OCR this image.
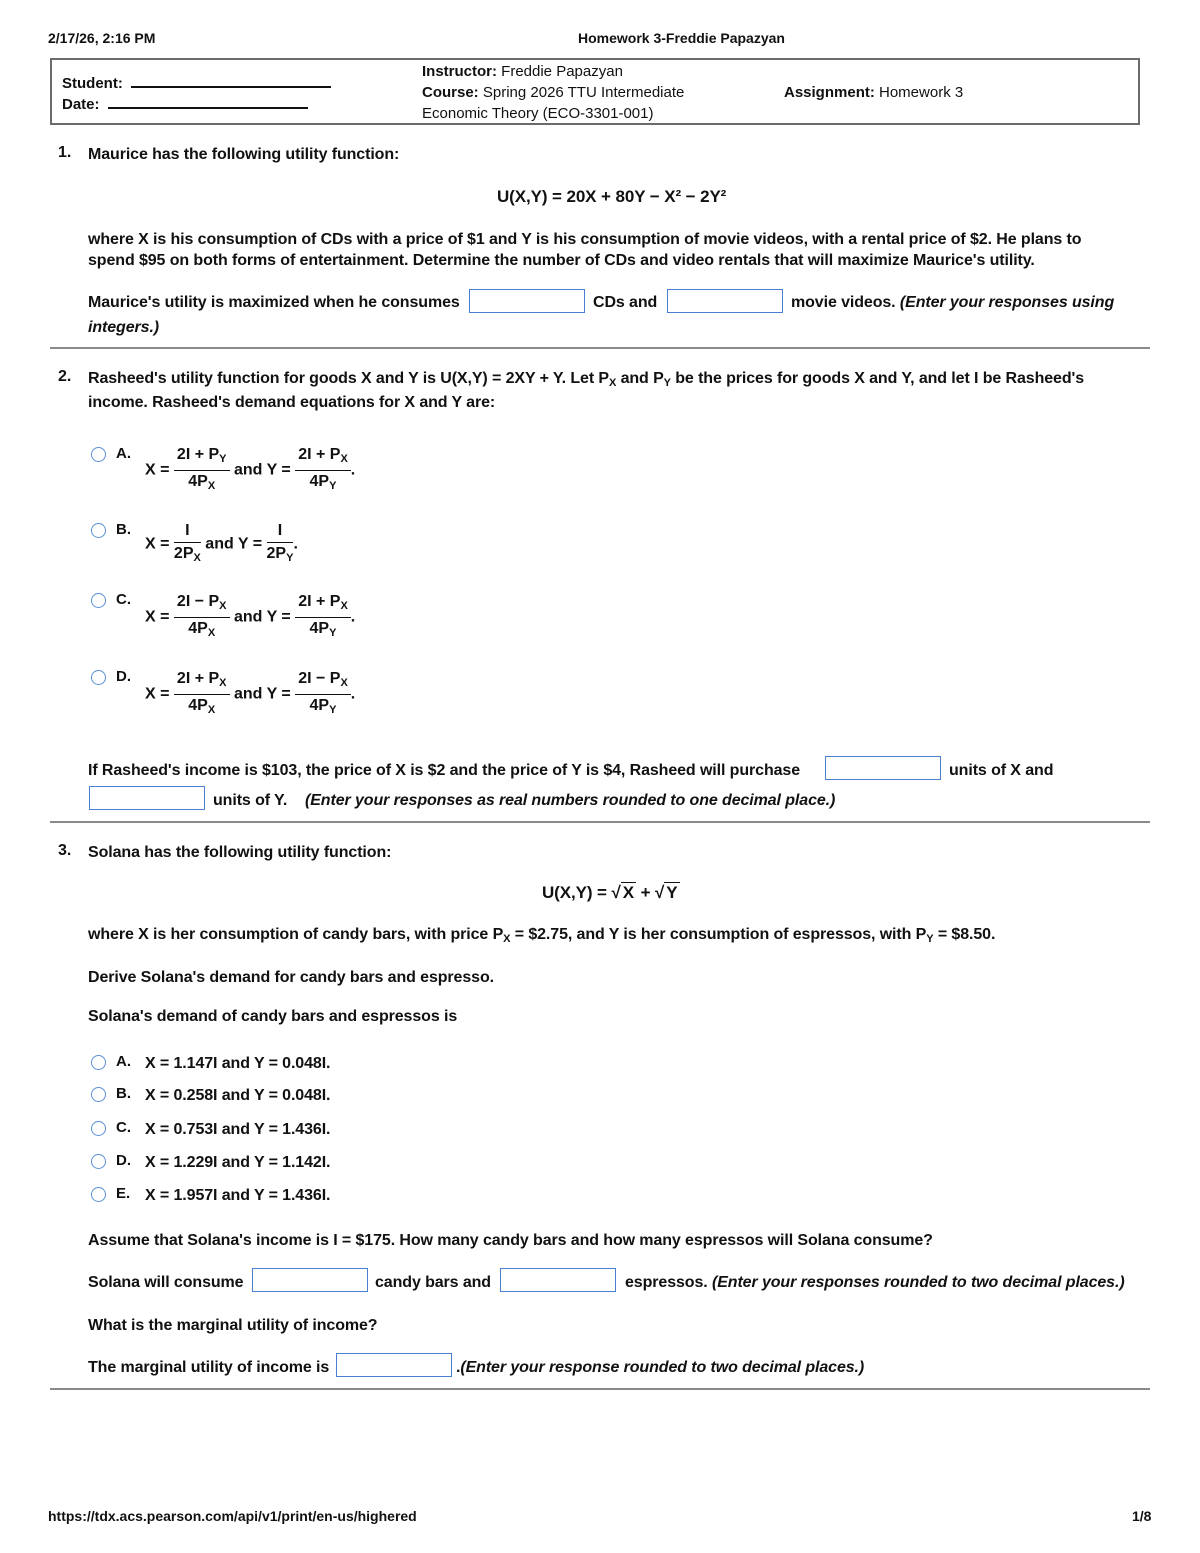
2/17/26, 2:16 PM	Homework 3-Freddie Papazyan
Student:
Date:
Instructor: Freddie Papazyan
Course: Spring 2026 TTU Intermediate
Economic Theory (ECO-3301-001)
Assignment: Homework 3
1. Maurice has the following utility function:
U(X,Y) = 20X + 80Y − X² − 2Y²
where X is his consumption of CDs with a price of $1 and Y is his consumption of movie videos, with a rental price of $2. He plans to
spend $95 on both forms of entertainment. Determine the number of CDs and video rentals that will maximize Maurice's utility.
Maurice's utility is maximized when he consumes	CDs and	movie videos. (Enter your responses using
integers.)
2. Rasheed's utility function for goods X and Y is U(X,Y) = 2XY + Y. Let $P_X$ and $P_Y$ be the prices for goods X and Y, and let I be Rasheed's
income. Rasheed's demand equations for X and Y are:
A.
$X = \frac{2I + P_Y}{4P_X}$ and $Y = \frac{2I + P_X}{4P_Y}$ .
B.
$X = \frac{I}{2P_X}$ and $Y = \frac{I}{2P_Y}$ .
C.
$X = \frac{2I - P_X}{4P_X}$ and $Y = \frac{2I + P_X}{4P_Y}$ .
D.
$X = \frac{2I + P_X}{4P_X}$ and $Y = \frac{2I - P_X}{4P_Y}$ .
If Rasheed's income is $103, the price of X is $2 and the price of Y is $4, Rasheed will purchase	units of X and
units of Y. (Enter your responses as real numbers rounded to one decimal place.)
3. Solana has the following utility function:
U(X,Y) = √ X + √ Y
where X is her consumption of candy bars, with price $P_X$ = $2.75, and Y is her consumption of espressos, with $P_Y$ = $8.50.
Derive Solana's demand for candy bars and espresso.
Solana's demand of candy bars and espressos is
A. X = 1.147I and Y = 0.048I.
B. X = 0.258I and Y = 0.048I.
C. X = 0.753I and Y = 1.436I.
D. X = 1.229I and Y = 1.142I.
E. X = 1.957I and Y = 1.436I.
Assume that Solana's income is I = $175. How many candy bars and how many espressos will Solana consume?
Solana will consume	candy bars and	espressos. (Enter your responses rounded to two decimal places.)
What is the marginal utility of income?
The marginal utility of income is	.(Enter your response rounded to two decimal places.)
https://tdx.acs.pearson.com/api/v1/print/en-us/highered	1/8
